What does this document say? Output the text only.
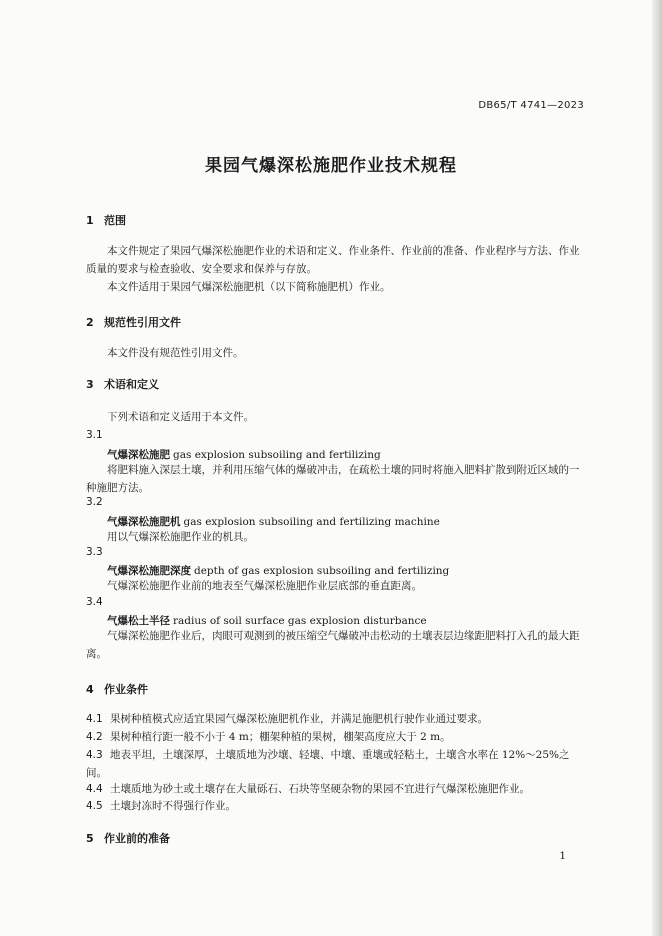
DB65/T 4741—2023
果园气爆深松施肥作业技术规程
1 范围
本文件规定了果园气爆深松施肥作业的术语和定义、作业条件、作业前的准备、作业程序与方法、作业质量的要求与检查验收、安全要求和保养与存放。
本文件适用于果园气爆深松施肥机（以下简称施肥机）作业。
2 规范性引用文件
本文件没有规范性引用文件。
3 术语和定义
下列术语和定义适用于本文件。
3.1
气爆深松施肥 gas explosion subsoiling and fertilizing
将肥料施入深层土壤，并利用压缩气体的爆破冲击，在疏松土壤的同时将施入肥料扩散到附近区域的一种施肥方法。
3.2
气爆深松施肥机 gas explosion subsoiling and fertilizing machine
用以气爆深松施肥作业的机具。
3.3
气爆深松施肥深度 depth of gas explosion subsoiling and fertilizing
气爆深松施肥作业前的地表至气爆深松施肥作业层底部的垂直距离。
3.4
气爆松土半径 radius of soil surface gas explosion disturbance
气爆深松施肥作业后，肉眼可观测到的被压缩空气爆破冲击松动的土壤表层边缘距肥料打入孔的最大距离。
4 作业条件
4.1 果树种植模式应适宜果园气爆深松施肥机作业，并满足施肥机行驶作业通过要求。
4.2 果树种植行距一般不小于 4 m；棚架种植的果树，棚架高度应大于 2 m。
4.3 地表平坦，土壤深厚，土壤质地为沙壤、轻壤、中壤、重壤或轻粘土，土壤含水率在 12%～25%之间。
4.4 土壤质地为砂土或土壤存在大量砾石、石块等坚硬杂物的果园不宜进行气爆深松施肥作业。
4.5 土壤封冻时不得强行作业。
5 作业前的准备
1
